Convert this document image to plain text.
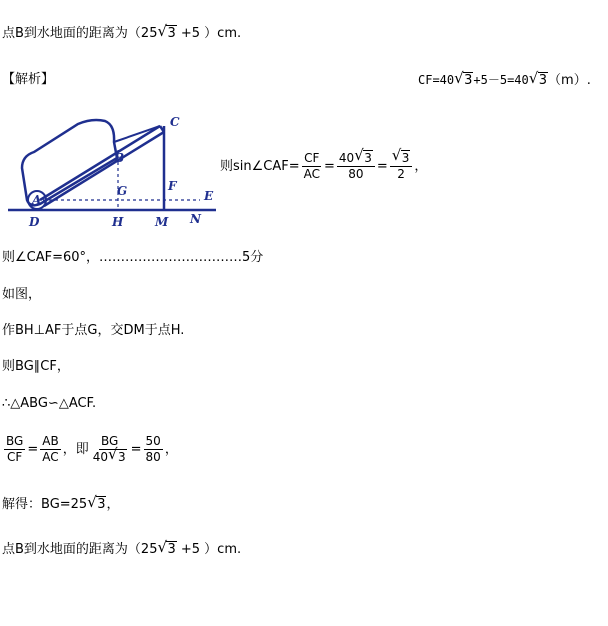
点B到水地面的距离为（25 √ 3 +5 ）cm.
【解析】	CF=40 √ 3+5－5=40 √ 3（m）.
C
B
G	F
E
A
D	H	M N
则sin∠CAF= $\frac{CF}{AC} = \frac{40 √ 3}{80}$ = √ $\frac{3}{2}$ ，
则∠CAF=60°，……………………………5分
如图，
作BH⊥AF于点G，交DM于点H.
则BG∥CF，
∴△ABG∽△ACF.
$\frac{BG}{CF} = \frac{AB}{AC}$ ，即 $\frac{BG}{40 √ 3} = \frac{50}{80}$ ，
解得：BG=25 √ 3，
点B到水地面的距离为（25 √ 3 +5 ）cm.
